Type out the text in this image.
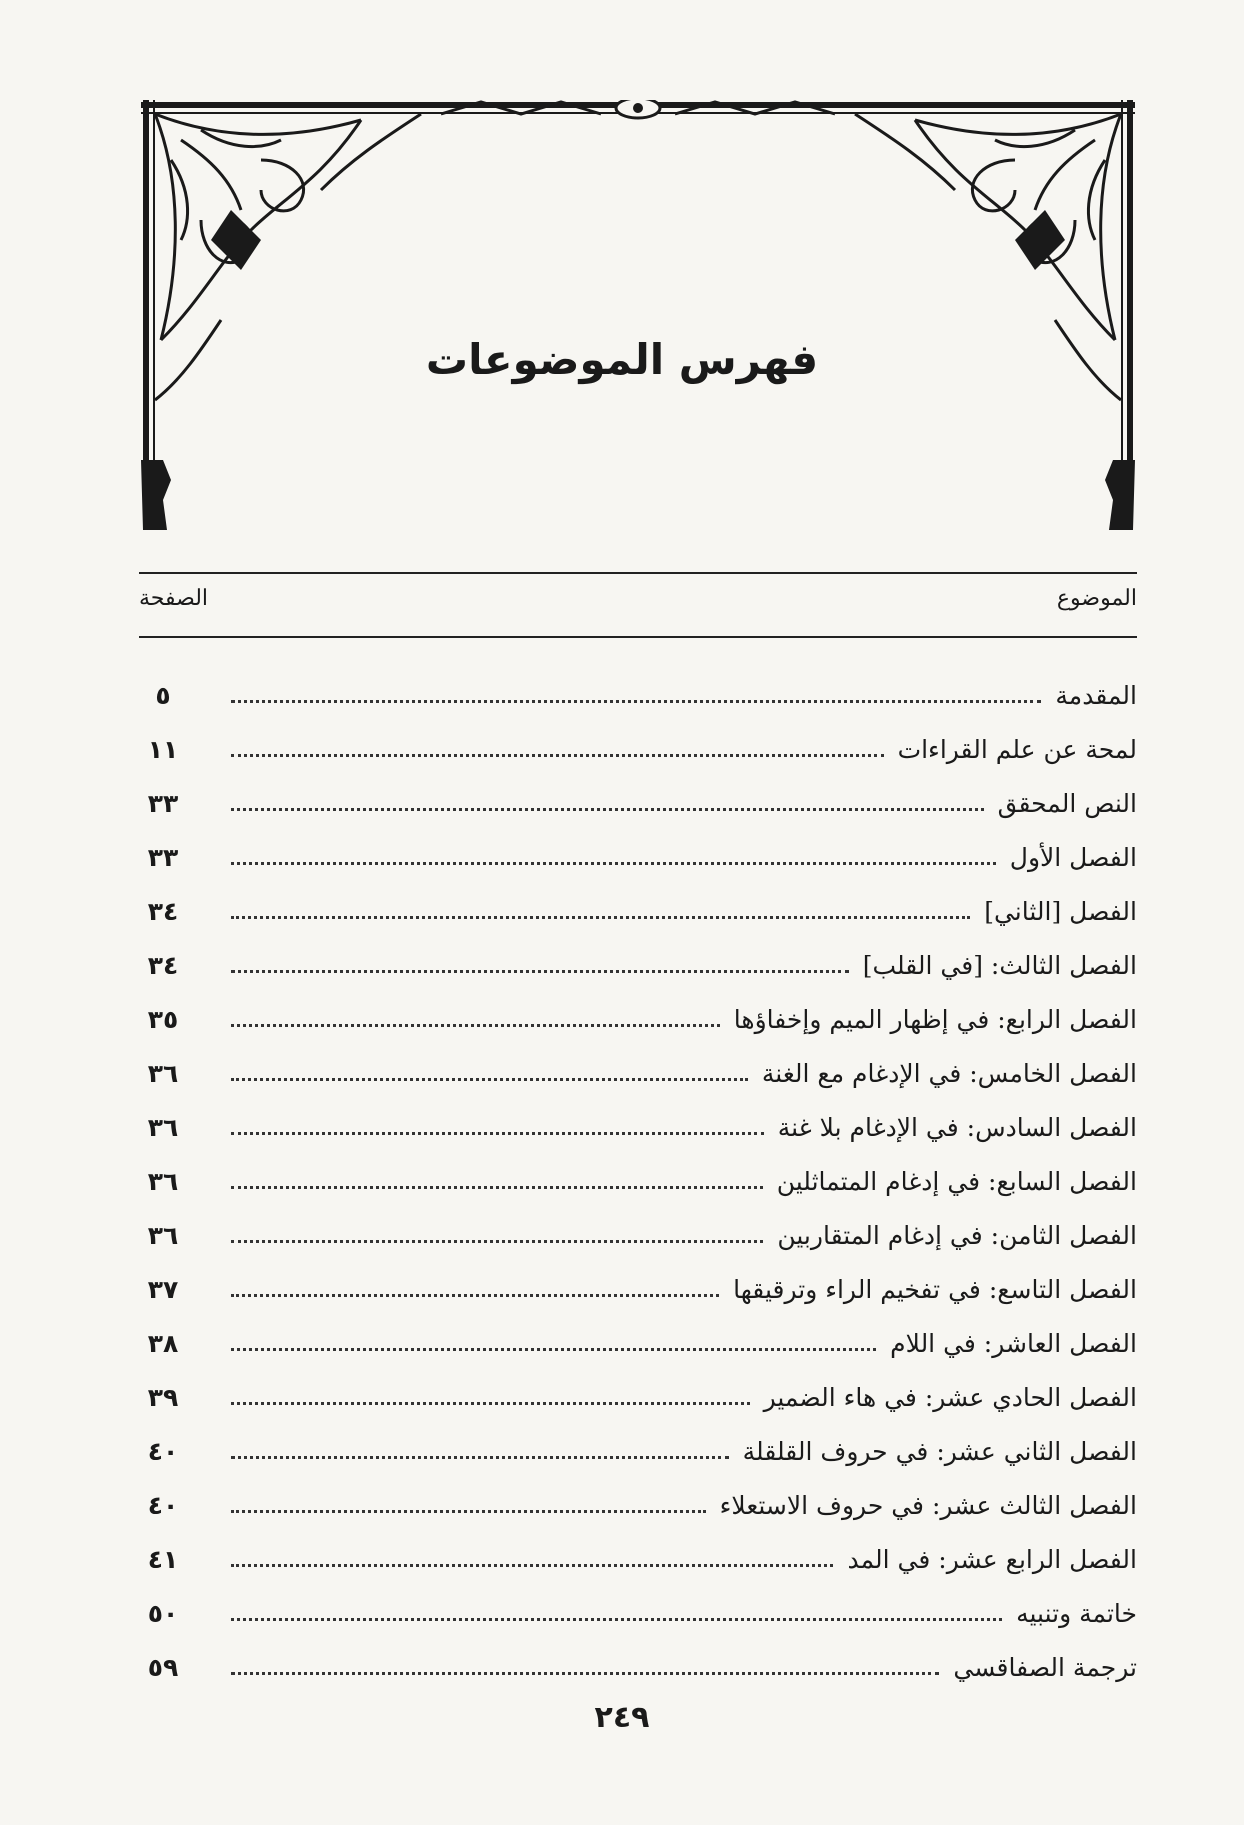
فهرس الموضوعات
الموضوع
الصفحة
المقدمة
٥
لمحة عن علم القراءات
١١
النص المحقق
٣٣
الفصل الأول
٣٣
الفصل [الثاني]
٣٤
الفصل الثالث: [في القلب]
٣٤
الفصل الرابع: في إظهار الميم وإخفاؤها
٣٥
الفصل الخامس: في الإدغام مع الغنة
٣٦
الفصل السادس: في الإدغام بلا غنة
٣٦
الفصل السابع: في إدغام المتماثلين
٣٦
الفصل الثامن: في إدغام المتقاربين
٣٦
الفصل التاسع: في تفخيم الراء وترقيقها
٣٧
الفصل العاشر: في اللام
٣٨
الفصل الحادي عشر: في هاء الضمير
٣٩
الفصل الثاني عشر: في حروف القلقلة
٤٠
الفصل الثالث عشر: في حروف الاستعلاء
٤٠
الفصل الرابع عشر: في المد
٤١
خاتمة وتنبيه
٥٠
ترجمة الصفاقسي
٥٩
٢٤٩
